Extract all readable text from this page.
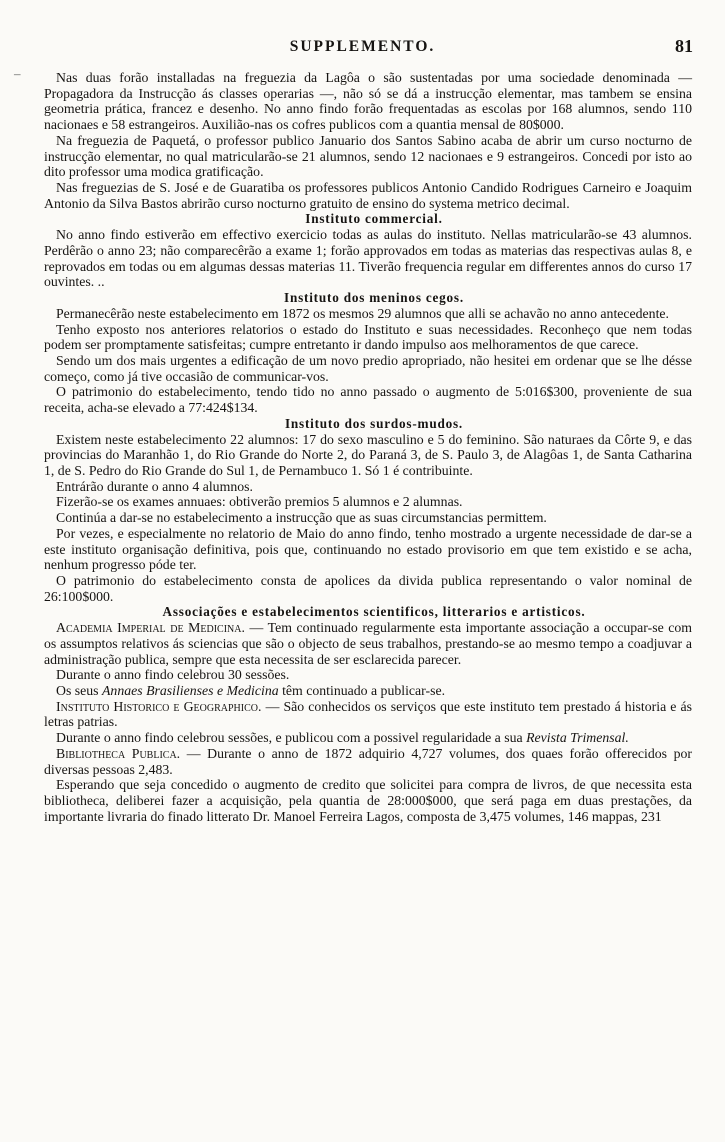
SUPPLEMENTO.	81
–	Nas duas forão installadas na freguezia da Lagôa o são sustentadas por uma sociedade denominada — Propagadora da Instrucção ás classes operarias —, não só se dá a instrucção elementar, mas tambem se ensina geometria prática, francez e desenho. No anno findo forão frequentadas as escolas por 168 alumnos, sendo 110 nacionaes e 58 estrangeiros. Auxilião-nas os cofres publicos com a quantia mensal de 80$000.

Na freguezia de Paquetá, o professor publico Januario dos Santos Sabino acaba de abrir um curso nocturno de instrucção elementar, no qual matricularão-se 21 alumnos, sendo 12 nacionaes e 9 estrangeiros. Concedi por isto ao dito professor uma modica gratificação.

Nas freguezias de S. José e de Guaratiba os professores publicos Antonio Candido Rodrigues Carneiro e Joaquim Antonio da Silva Bastos abrirão curso nocturno gratuito de ensino do systema metrico decimal.

Instituto commercial.

No anno findo estiverão em effectivo exercicio todas as aulas do instituto. Nellas matricularão-se 43 alumnos. Perdêrão o anno 23; não comparecêrão a exame 1; forão approvados em todas as materias das respectivas aulas 8, e reprovados em todas ou em algumas dessas materias 11. Tiverão frequencia regular em differentes annos do curso 17 ouvintes. ..

Instituto dos meninos cegos.

Permanecêrão neste estabelecimento em 1872 os mesmos 29 alumnos que alli se achavão no anno antecedente.

Tenho exposto nos anteriores relatorios o estado do Instituto e suas necessidades. Reconheço que nem todas podem ser promptamente satisfeitas; cumpre entretanto ir dando impulso aos melhoramentos de que carece.

Sendo um dos mais urgentes a edificação de um novo predio apropriado, não hesitei em ordenar que se lhe désse começo, como já tive occasião de communicar-vos.

O patrimonio do estabelecimento, tendo tido no anno passado o augmento de 5:016$300, proveniente de sua receita, acha-se elevado a 77:424$134.

Instituto dos surdos-mudos.

Existem neste estabelecimento 22 alumnos: 17 do sexo masculino e 5 do feminino. São naturaes da Côrte 9, e das provincias do Maranhão 1, do Rio Grande do Norte 2, do Paraná 3, de S. Paulo 3, de Alagôas 1, de Santa Catharina 1, de S. Pedro do Rio Grande do Sul 1, de Pernambuco 1. Só 1 é contribuinte.

Entrárão durante o anno 4 alumnos.

Fizerão-se os exames annuaes: obtiverão premios 5 alumnos e 2 alumnas.

Continúa a dar-se no estabelecimento a instrucção que as suas circumstancias permittem.

Por vezes, e especialmente no relatorio de Maio do anno findo, tenho mostrado a urgente necessidade de dar-se a este instituto organisação definitiva, pois que, continuando no estado provisorio em que tem existido e se acha, nenhum progresso póde ter.

O patrimonio do estabelecimento consta de apolices da divida publica representando o valor nominal de 26:100$000.

Associações e estabelecimentos scientificos, litterarios e artisticos.

Academia Imperial de Medicina. — Tem continuado regularmente esta importante associação a occupar-se com os assumptos relativos ás sciencias que são o objecto de seus trabalhos, prestando-se ao mesmo tempo a coadjuvar a administração publica, sempre que esta necessita de ser esclarecida parecer.

Durante o anno findo celebrou 30 sessões.

Os seus Annaes Brasilienses e Medicina têm continuado a publicar-se.

Instituto Historico e Geographico. — São conhecidos os serviços que este instituto tem prestado á historia e ás letras patrias.

Durante o anno findo celebrou sessões, e publicou com a possivel regularidade a sua Revista Trimensal.

Bibliotheca Publica. — Durante o anno de 1872 adquirio 4,727 volumes, dos quaes forão offerecidos por diversas pessoas 2,483.

Esperando que seja concedido o augmento de credito que solicitei para compra de livros, de que necessita esta bibliotheca, deliberei fazer a acquisição, pela quantia de 28:000$000, que será paga em duas prestações, da importante livraria do finado litterato Dr. Manoel Ferreira Lagos, composta de 3,475 volumes, 146 mappas, 231
